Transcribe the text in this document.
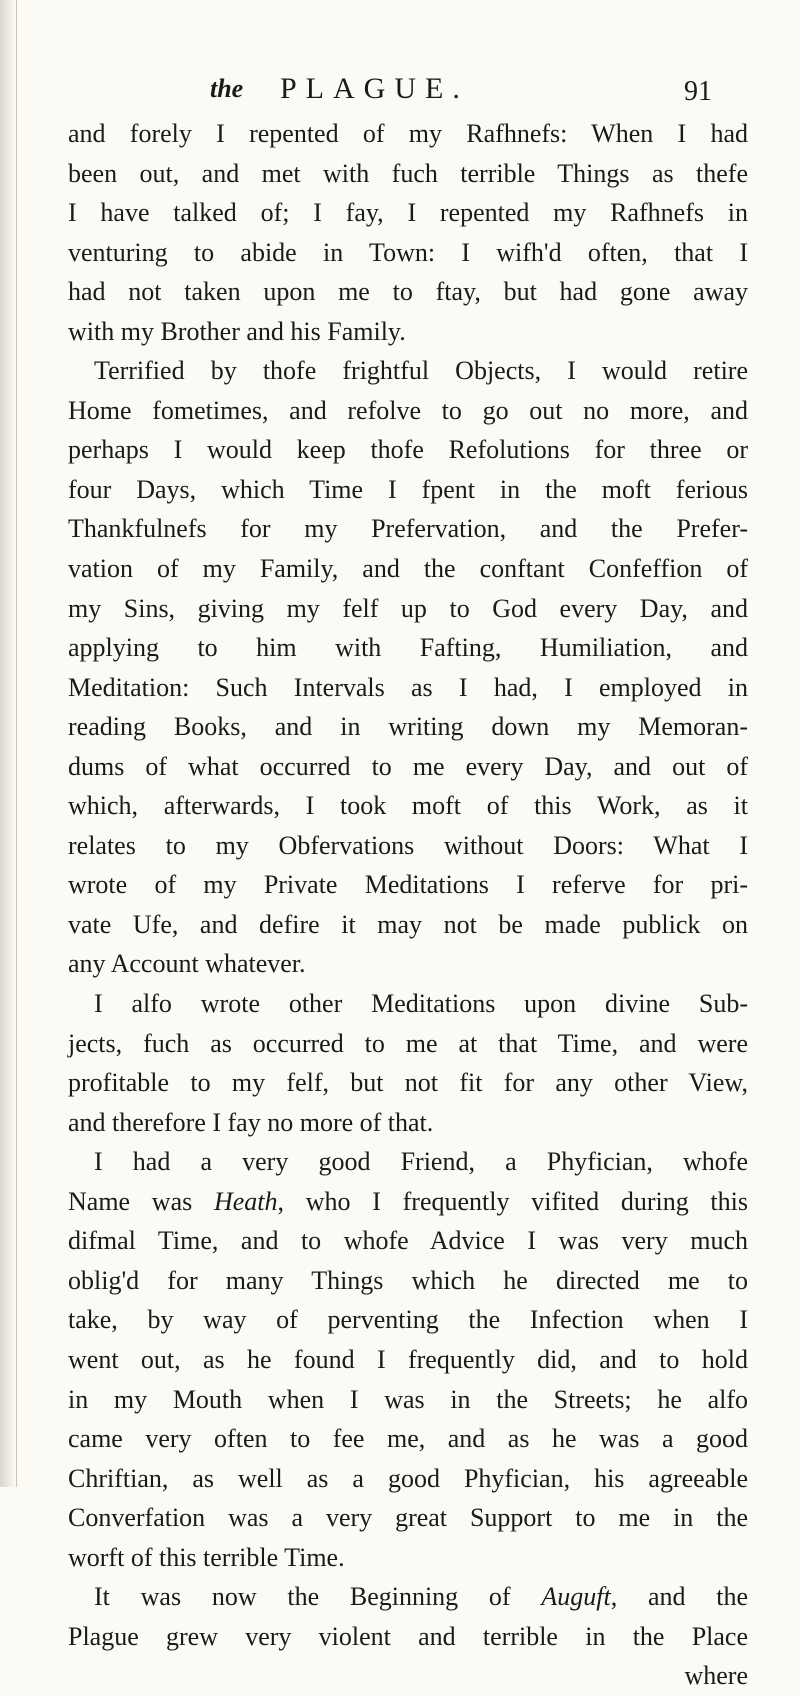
the PLAGUE.	91
and forely I repented of my Rafhnefs: When I had
been out, and met with fuch terrible Things as thefe
I have talked of; I fay, I repented my Rafhnefs in
venturing to abide in Town: I wifh'd often, that I
had not taken upon me to ftay, but had gone away
with my Brother and his Family.
Terrified by thofe frightful Objects, I would retire
Home fometimes, and refolve to go out no more, and
perhaps I would keep thofe Refolutions for three or
four Days, which Time I fpent in the moft ferious
Thankfulnefs for my Prefervation, and the Prefer-
vation of my Family, and the conftant Confeffion of
my Sins, giving my felf up to God every Day, and
applying to him with Fafting, Humiliation, and
Meditation: Such Intervals as I had, I employed in
reading Books, and in writing down my Memoran-
dums of what occurred to me every Day, and out of
which, afterwards, I took moft of this Work, as it
relates to my Obfervations without Doors: What I
wrote of my Private Meditations I referve for pri-
vate Ufe, and defire it may not be made publick on
any Account whatever.
I alfo wrote other Meditations upon divine Sub-
jects, fuch as occurred to me at that Time, and were
profitable to my felf, but not fit for any other View,
and therefore I fay no more of that.
I had a very good Friend, a Phyfician, whofe
Name was Heath, who I frequently vifited during this
difmal Time, and to whofe Advice I was very much
oblig'd for many Things which he directed me to
take, by way of perventing the Infection when I
went out, as he found I frequently did, and to hold
in my Mouth when I was in the Streets; he alfo
came very often to fee me, and as he was a good
Chriftian, as well as a good Phyfician, his agreeable
Converfation was a very great Support to me in the
worft of this terrible Time.
It was now the Beginning of Auguft, and the
Plague grew very violent and terrible in the Place
where
